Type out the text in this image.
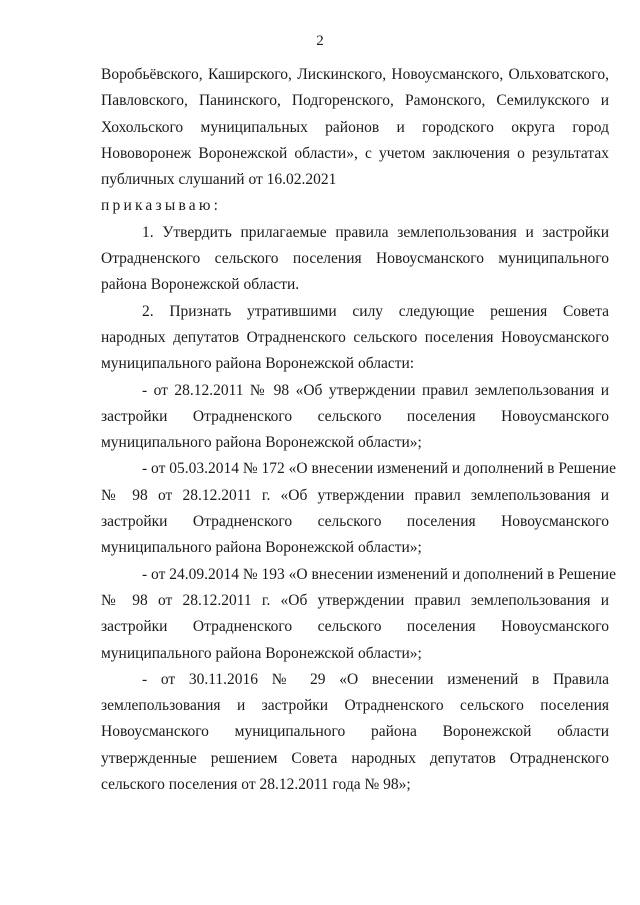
2
Воробьёвского, Каширского, Лискинского, Новоусманского, Ольховатского,
Павловского, Панинского, Подгоренского, Рамонского, Семилукского и
Хохольского муниципальных районов и городского округа город
Нововоронеж Воронежской области», с учетом заключения о результатах
публичных слушаний от 16.02.2021
приказываю:
1. Утвердить прилагаемые правила землепользования и застройки
Отрадненского сельского поселения Новоусманского муниципального
района Воронежской области.
2. Признать утратившими силу следующие решения Совета
народных депутатов Отрадненского сельского поселения Новоусманского
муниципального района Воронежской области:
- от 28.12.2011 № 98 «Об утверждении правил землепользования и
застройки Отрадненского сельского поселения Новоусманского
муниципального района Воронежской области»;
- от 05.03.2014 № 172 «О внесении изменений и дополнений в Решение
№ 98 от 28.12.2011 г. «Об утверждении правил землепользования и
застройки Отрадненского сельского поселения Новоусманского
муниципального района Воронежской области»;
- от 24.09.2014 № 193 «О внесении изменений и дополнений в Решение
№ 98 от 28.12.2011 г. «Об утверждении правил землепользования и
застройки Отрадненского сельского поселения Новоусманского
муниципального района Воронежской области»;
- от 30.11.2016 № 29 «О внесении изменений в Правила
землепользования и застройки Отрадненского сельского поселения
Новоусманского муниципального района Воронежской области
утвержденные решением Совета народных депутатов Отрадненского
сельского поселения от 28.12.2011 года № 98»;
